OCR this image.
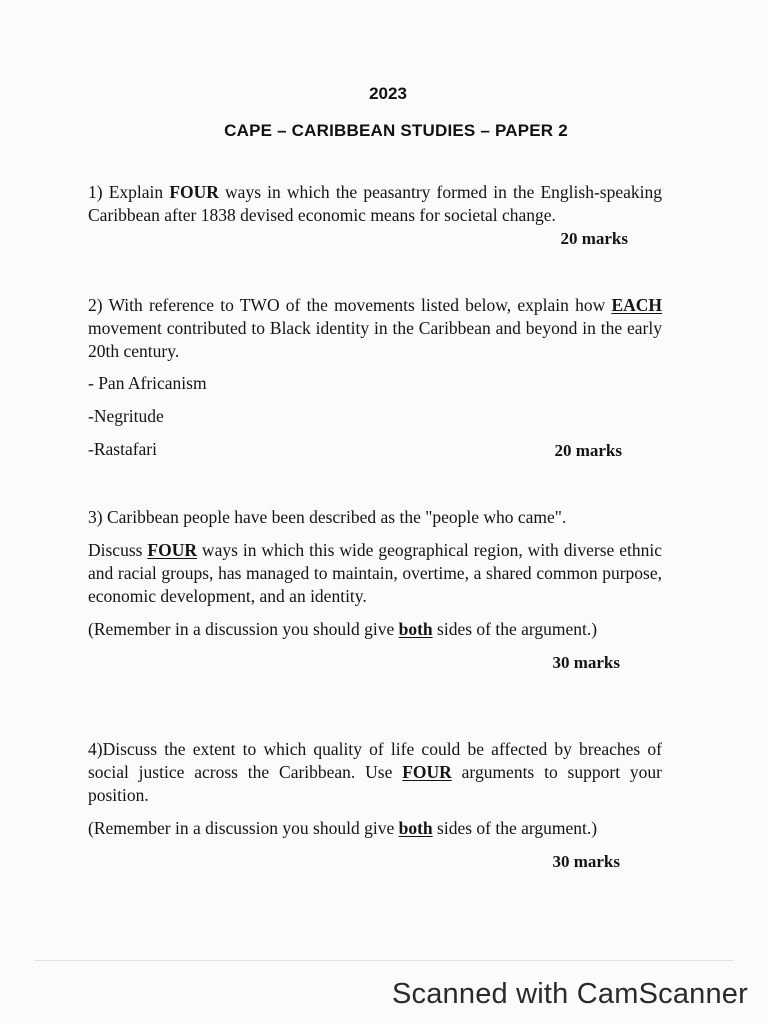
2023
CAPE – CARIBBEAN STUDIES – PAPER 2

1) Explain FOUR ways in which the peasantry formed in the English-speaking Caribbean after 1838 devised economic means for societal change.

20 marks

2) With reference to TWO of the movements listed below, explain how EACH movement contributed to Black identity in the Caribbean and beyond in the early 20th century.

- Pan Africanism
-Negritude
-Rastafari	20 marks

3) Caribbean people have been described as the "people who came".

Discuss FOUR ways in which this wide geographical region, with diverse ethnic and racial groups, has managed to maintain, overtime, a shared common purpose, economic development, and an identity.

(Remember in a discussion you should give both sides of the argument.)

30 marks

4)Discuss the extent to which quality of life could be affected by breaches of social justice across the Caribbean. Use FOUR arguments to support your position.

(Remember in a discussion you should give both sides of the argument.)

30 marks
Scanned with CamScanner
